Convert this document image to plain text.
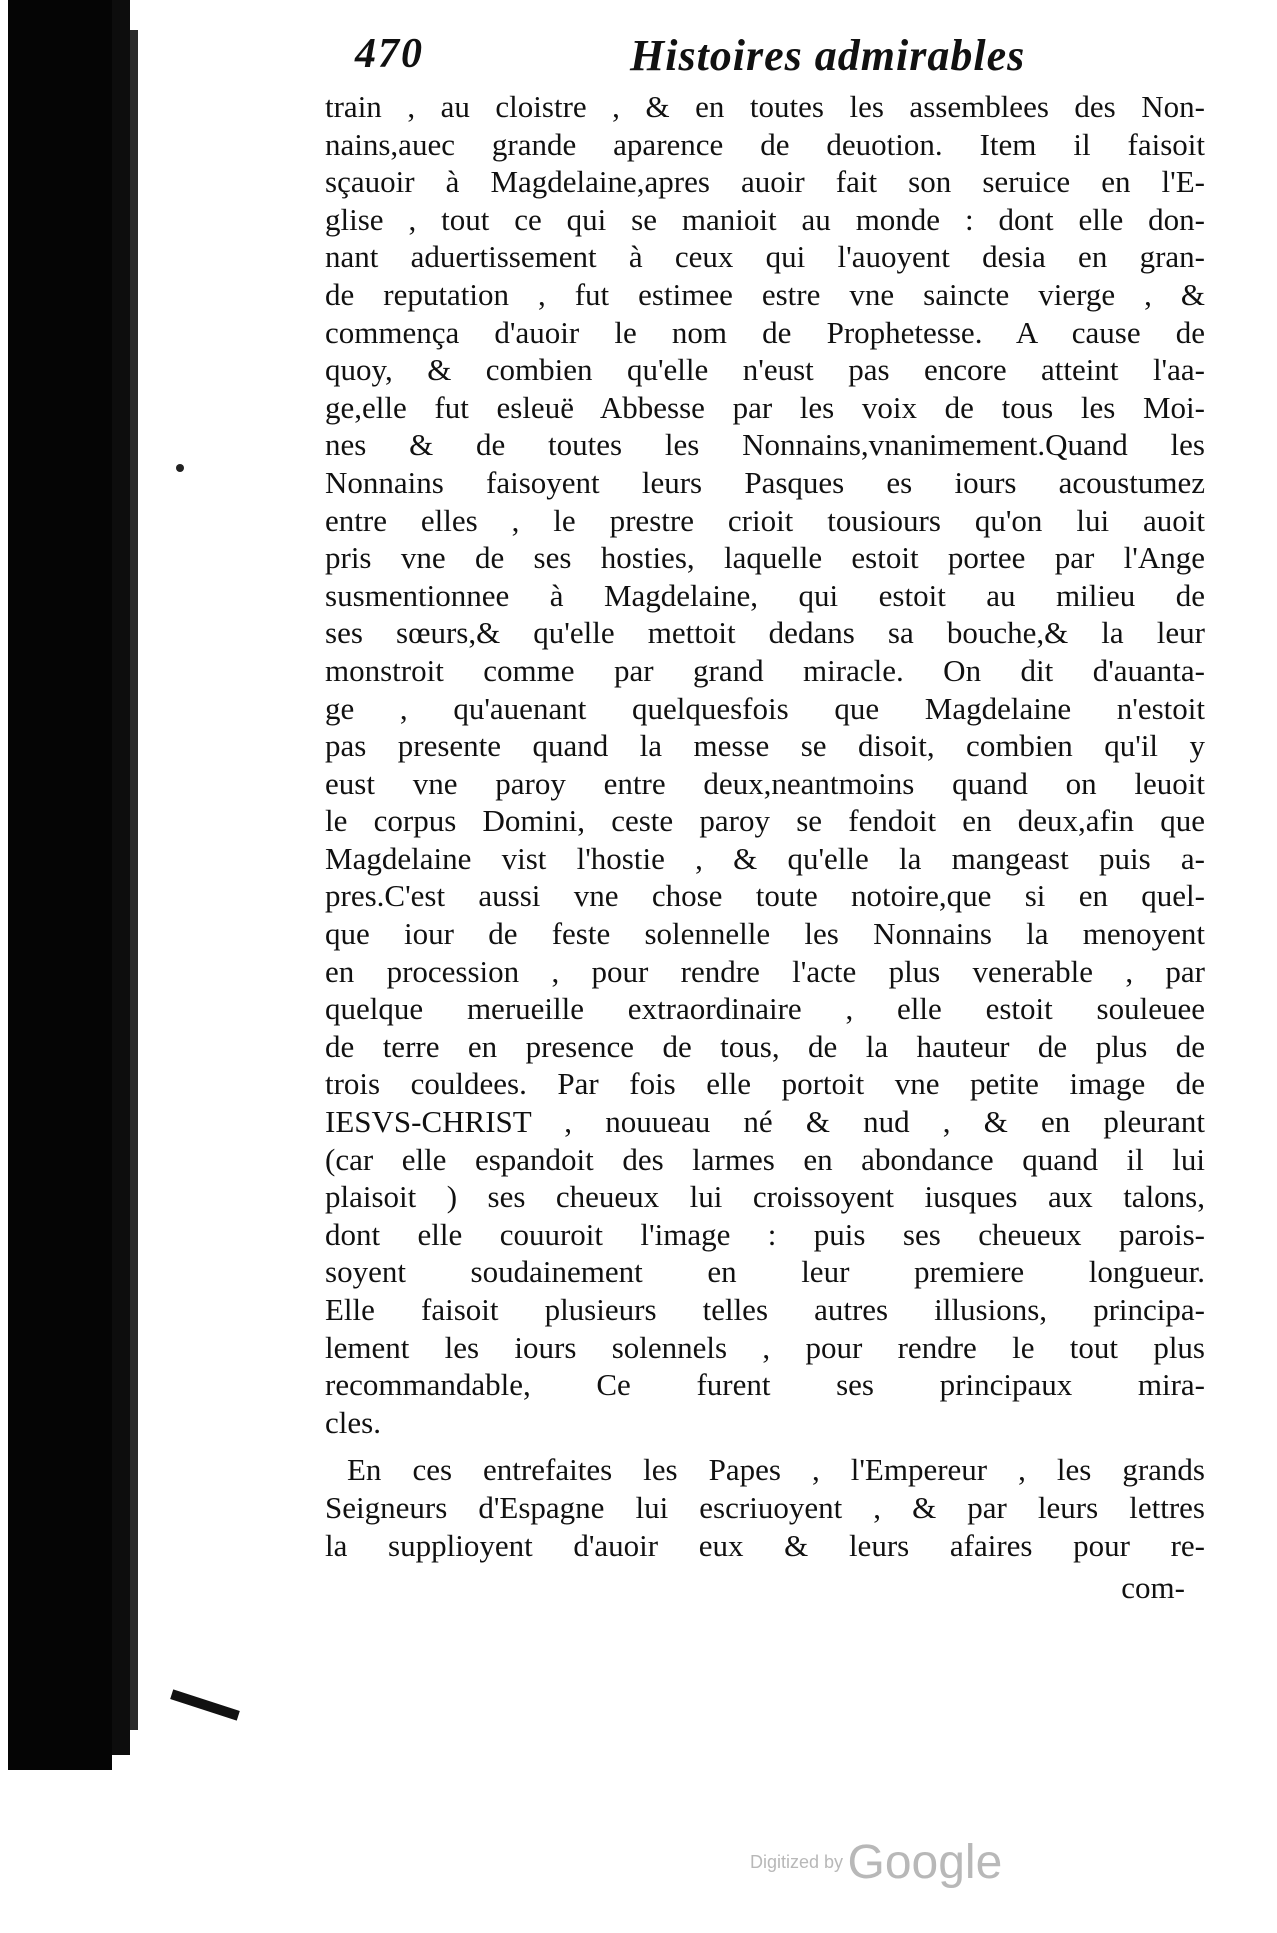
470	Histoires admirables
train , au cloistre , & en toutes les assemblees des Non-
nains,auec grande aparence de deuotion. Item il faisoit
sçauoir à Magdelaine,apres auoir fait son seruice en l'E-
glise , tout ce qui se manioit au monde : dont elle don-
nant aduertissement à ceux qui l'auoyent desia en gran-
de reputation , fut estimee estre vne saincte vierge , &
commença d'auoir le nom de Prophetesse. A cause de
quoy, & combien qu'elle n'eust pas encore atteint l'aa-
ge,elle fut esleuë Abbesse par les voix de tous les Moi-
nes & de toutes les Nonnains,vnanimement.Quand les
Nonnains faisoyent leurs Pasques es iours acoustumez
entre elles , le prestre crioit tousiours qu'on lui auoit
pris vne de ses hosties, laquelle estoit portee par l'Ange
susmentionnee à Magdelaine, qui estoit au milieu de
ses sœurs,& qu'elle mettoit dedans sa bouche,& la leur
monstroit comme par grand miracle. On dit d'auanta-
ge , qu'auenant quelquesfois que Magdelaine n'estoit
pas presente quand la messe se disoit, combien qu'il y
eust vne paroy entre deux,neantmoins quand on leuoit
le corpus Domini, ceste paroy se fendoit en deux,afin que
Magdelaine vist l'hostie , & qu'elle la mangeast puis a-
pres.C'est aussi vne chose toute notoire,que si en quel-
que iour de feste solennelle les Nonnains la menoyent
en procession , pour rendre l'acte plus venerable , par
quelque merueille extraordinaire , elle estoit souleuee
de terre en presence de tous, de la hauteur de plus de
trois couldees. Par fois elle portoit vne petite image de
IESVS-CHRIST , nouueau né & nud , & en pleurant
(car elle espandoit des larmes en abondance quand il lui
plaisoit ) ses cheueux lui croissoyent iusques aux talons,
dont elle couuroit l'image : puis ses cheueux parois-
soyent soudainement en leur premiere longueur.
Elle faisoit plusieurs telles autres illusions, principa-
lement les iours solennels , pour rendre le tout plus
recommandable, Ce furent ses principaux mira-
cles.
En ces entrefaites les Papes , l'Empereur , les grands
Seigneurs d'Espagne lui escriuoyent , & par leurs lettres
la supplioyent d'auoir eux & leurs afaires pour re-
com-
Digitized by Google
